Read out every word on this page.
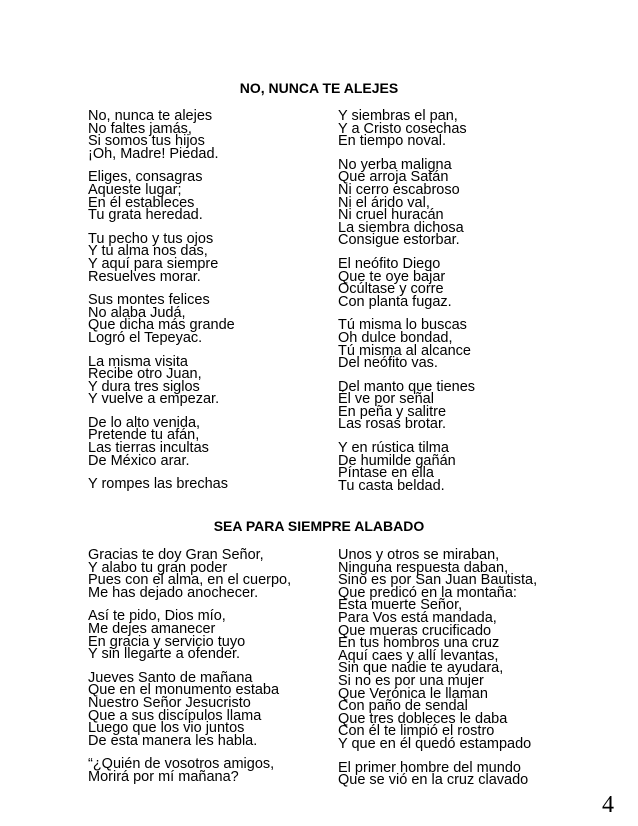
NO, NUNCA TE ALEJES
No, nunca te alejes
No faltes jamás,
Si somos tus hijos
¡Oh, Madre! Piedad.
Eliges, consagras
Aqueste lugar;
En él estableces
Tu grata heredad.
Tu pecho y tus ojos
Y tu alma nos das,
Y aquí para siempre
Resuelves morar.
Sus montes felices
No alaba Judá,
Que dicha más grande
Logró el Tepeyac.
La misma visita
Recibe otro Juan,
Y dura tres siglos
Y vuelve a empezar.
De lo alto venida,
Pretende tu afán,
Las tierras incultas
De México arar.
Y rompes las brechas
Y siembras el pan,
Y a Cristo cosechas
En tiempo noval.
No yerba maligna
Que arroja Satán
Ni cerro escabroso
Ni el árido val,
Ni cruel huracán
La siembra dichosa
Consigue estorbar.
El neófito Diego
Que te oye bajar
Ocúltase y corre
Con planta fugaz.
Tú misma lo buscas
Oh dulce bondad,
Tú misma al alcance
Del neófito vas.
Del manto que tienes
Él ve por señal
En peña y salitre
Las rosas brotar.
Y en rústica tilma
De humilde gañán
Píntase en ella
Tu casta beldad.
SEA PARA SIEMPRE ALABADO
Gracias te doy Gran Señor,
Y alabo tu gran poder
Pues con el alma, en el cuerpo,
Me has dejado anochecer.
Así te pido, Dios mío,
Me dejes amanecer
En gracia y servicio tuyo
Y sin llegarte a ofender.
Jueves Santo de mañana
Que en el monumento estaba
Nuestro Señor Jesucristo
Que a sus discípulos llama
Luego que los vio juntos
De esta manera les habla.
“¿Quién de vosotros amigos,
Morirá por mí mañana?
Unos y otros se miraban,
Ninguna respuesta daban,
Sino es por San Juan Bautista,
Que predicó en la montaña:
Esta muerte Señor,
Para Vos está mandada,
Que mueras crucificado
En tus hombros una cruz
Aquí caes y allí levantas,
Sin que nadie te ayudara,
Si no es por una mujer
Que Verónica le llaman
Con paño de sendal
Que tres dobleces le daba
Con él te limpió el rostro
Y que en él quedó estampado
El primer hombre del mundo
Que se vió en la cruz clavado
4
